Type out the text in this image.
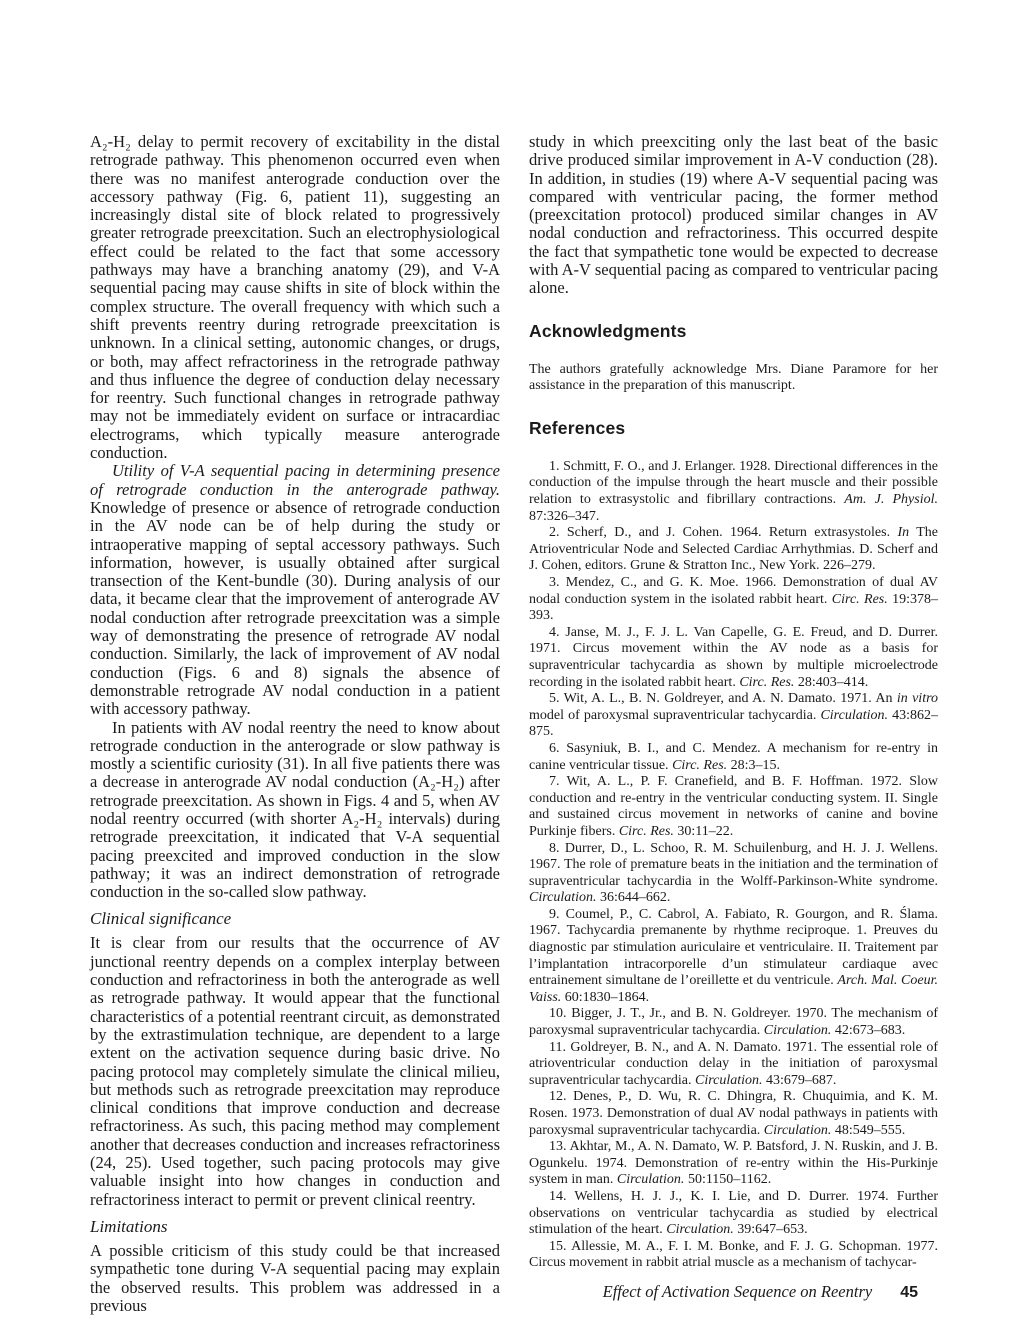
A₂-H₂ delay to permit recovery of excitability in the distal retrograde pathway. This phenomenon occurred even when there was no manifest anterograde conduction over the accessory pathway (Fig. 6, patient 11), suggesting an increasingly distal site of block related to progressively greater retrograde preexcitation. Such an electrophysiological effect could be related to the fact that some accessory pathways may have a branching anatomy (29), and V-A sequential pacing may cause shifts in site of block within the complex structure. The overall frequency with which such a shift prevents reentry during retrograde preexcitation is unknown. In a clinical setting, autonomic changes, or drugs, or both, may affect refractoriness in the retrograde pathway and thus influence the degree of conduction delay necessary for reentry. Such functional changes in retrograde pathway may not be immediately evident on surface or intracardiac electrograms, which typically measure anterograde conduction.

Utility of V-A sequential pacing in determining presence of retrograde conduction in the anterograde pathway. Knowledge of presence or absence of retrograde conduction in the AV node can be of help during the study or intraoperative mapping of septal accessory pathways. Such information, however, is usually obtained after surgical transection of the Kent-bundle (30). During analysis of our data, it became clear that the improvement of anterograde AV nodal conduction after retrograde preexcitation was a simple way of demonstrating the presence of retrograde AV nodal conduction. Similarly, the lack of improvement of AV nodal conduction (Figs. 6 and 8) signals the absence of demonstrable retrograde AV nodal conduction in a patient with accessory pathway.

In patients with AV nodal reentry the need to know about retrograde conduction in the anterograde or slow pathway is mostly a scientific curiosity (31). In all five patients there was a decrease in anterograde AV nodal conduction (A₂-H₂) after retrograde preexcitation. As shown in Figs. 4 and 5, when AV nodal reentry occurred (with shorter A₂-H₂ intervals) during retrograde preexcitation, it indicated that V-A sequential pacing preexcited and improved conduction in the slow pathway; it was an indirect demonstration of retrograde conduction in the so-called slow pathway.

Clinical significance

It is clear from our results that the occurrence of AV junctional reentry depends on a complex interplay between conduction and refractoriness in both the anterograde as well as retrograde pathway. It would appear that the functional characteristics of a potential reentrant circuit, as demonstrated by the extrastimulation technique, are dependent to a large extent on the activation sequence during basic drive. No pacing protocol may completely simulate the clinical milieu, but methods such as retrograde preexcitation may reproduce clinical conditions that improve conduction and decrease refractoriness. As such, this pacing method may complement another that decreases conduction and increases refractoriness (24, 25). Used together, such pacing protocols may give valuable insight into how changes in conduction and refractoriness interact to permit or prevent clinical reentry.

Limitations

A possible criticism of this study could be that increased sympathetic tone during V-A sequential pacing may explain the observed results. This problem was addressed in a previous

study in which preexciting only the last beat of the basic drive produced similar improvement in A-V conduction (28). In addition, in studies (19) where A-V sequential pacing was compared with ventricular pacing, the former method (preexcitation protocol) produced similar changes in AV nodal conduction and refractoriness. This occurred despite the fact that sympathetic tone would be expected to decrease with A-V sequential pacing as compared to ventricular pacing alone.

Acknowledgments

The authors gratefully acknowledge Mrs. Diane Paramore for her assistance in the preparation of this manuscript.

References

1. Schmitt, F. O., and J. Erlanger. 1928. Directional differences in the conduction of the impulse through the heart muscle and their possible relation to extrasystolic and fibrillary contractions. Am. J. Physiol. 87:326–347.

2. Scherf, D., and J. Cohen. 1964. Return extrasystoles. In The Atrioventricular Node and Selected Cardiac Arrhythmias. D. Scherf and J. Cohen, editors. Grune & Stratton Inc., New York. 226–279.

3. Mendez, C., and G. K. Moe. 1966. Demonstration of dual AV nodal conduction system in the isolated rabbit heart. Circ. Res. 19:378–393.

4. Janse, M. J., F. J. L. Van Capelle, G. E. Freud, and D. Durrer. 1971. Circus movement within the AV node as a basis for supraventricular tachycardia as shown by multiple microelectrode recording in the isolated rabbit heart. Circ. Res. 28:403–414.

5. Wit, A. L., B. N. Goldreyer, and A. N. Damato. 1971. An in vitro model of paroxysmal supraventricular tachycardia. Circulation. 43:862–875.

6. Sasyniuk, B. I., and C. Mendez. A mechanism for re-entry in canine ventricular tissue. Circ. Res. 28:3–15.

7. Wit, A. L., P. F. Cranefield, and B. F. Hoffman. 1972. Slow conduction and re-entry in the ventricular conducting system. II. Single and sustained circus movement in networks of canine and bovine Purkinje fibers. Circ. Res. 30:11–22.

8. Durrer, D., L. Schoo, R. M. Schuilenburg, and H. J. J. Wellens. 1967. The role of premature beats in the initiation and the termination of supraventricular tachycardia in the Wolff-Parkinson-White syndrome. Circulation. 36:644–662.

9. Coumel, P., C. Cabrol, A. Fabiato, R. Gourgon, and R. Ślama. 1967. Tachycardia premanente by rhythme reciproque. 1. Preuves du diagnostic par stimulation auriculaire et ventriculaire. II. Traitement par l’implantation intracorporelle d’un stimulateur cardiaque avec entrainement simultane de l’oreillette et du ventricule. Arch. Mal. Coeur. Vaiss. 60:1830–1864.

10. Bigger, J. T., Jr., and B. N. Goldreyer. 1970. The mechanism of paroxysmal supraventricular tachycardia. Circulation. 42:673–683.

11. Goldreyer, B. N., and A. N. Damato. 1971. The essential role of atrioventricular conduction delay in the initiation of paroxysmal supraventricular tachycardia. Circulation. 43:679–687.

12. Denes, P., D. Wu, R. C. Dhingra, R. Chuquimia, and K. M. Rosen. 1973. Demonstration of dual AV nodal pathways in patients with paroxysmal supraventricular tachycardia. Circulation. 48:549–555.

13. Akhtar, M., A. N. Damato, W. P. Batsford, J. N. Ruskin, and J. B. Ogunkelu. 1974. Demonstration of re-entry within the His-Purkinje system in man. Circulation. 50:1150–1162.

14. Wellens, H. J. J., K. I. Lie, and D. Durrer. 1974. Further observations on ventricular tachycardia as studied by electrical stimulation of the heart. Circulation. 39:647–653.

15. Allessie, M. A., F. I. M. Bonke, and F. J. G. Schopman. 1977. Circus movement in rabbit atrial muscle as a mechanism of tachycar-

Effect of Activation Sequence on Reentry 45
